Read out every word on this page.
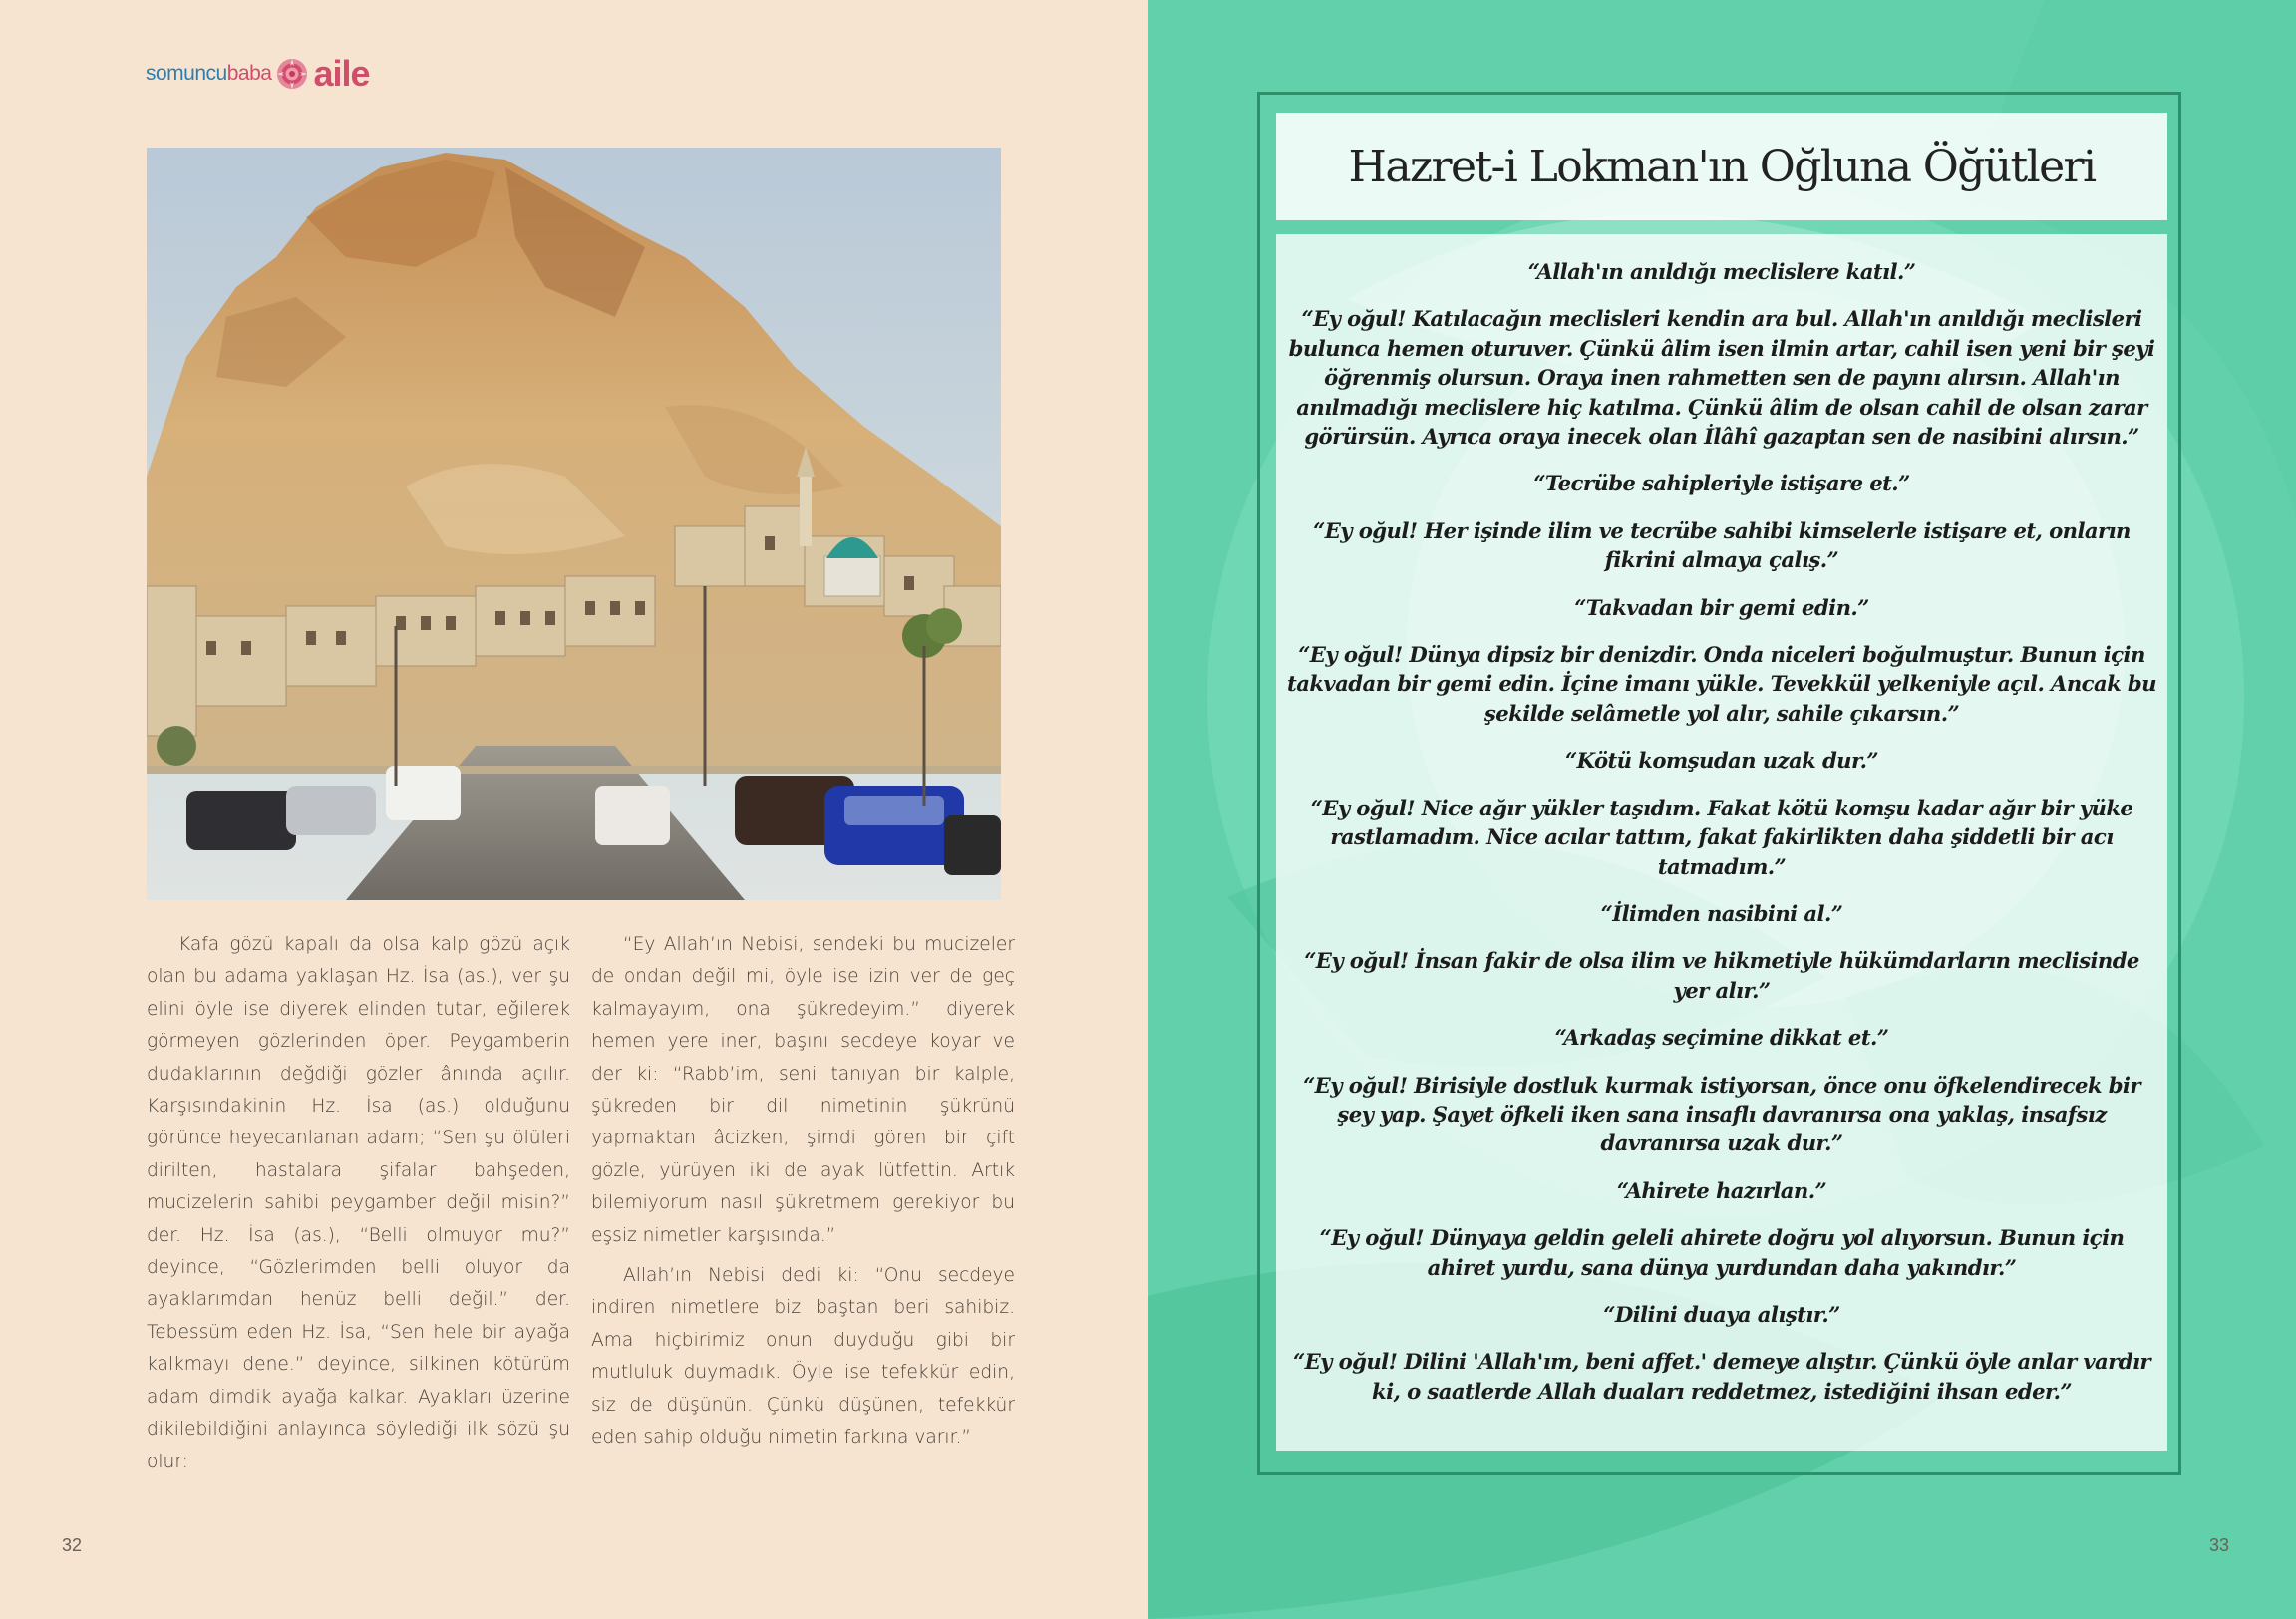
somuncu baba aile

Kafa gözü kapalı da olsa kalp gözü açık olan bu adama yaklaşan Hz. İsa (as.), ver şu elini öyle ise diyerek elinden tutar, eğilerek görmeyen gözlerinden öper. Peygamberin dudaklarının değdiği gözler ânında açılır. Karşısındakinin Hz. İsa (as.) olduğunu görünce heyecanlanan adam; “Sen şu ölüleri dirilten, hastalara şifalar bahşeden, mucizelerin sahibi peygamber değil misin?” der. Hz. İsa (as.), “Belli olmuyor mu?” deyince, “Gözlerimden belli oluyor da ayaklarımdan henüz belli değil.” der. Tebessüm eden Hz. İsa, “Sen hele bir ayağa kalkmayı dene.” deyince, silkinen kötürüm adam dimdik ayağa kalkar. Ayakları üzerine dikilebildiğini anlayınca söylediği ilk sözü şu olur:

“Ey Allah’ın Nebisi, sendeki bu mucizeler de ondan değil mi, öyle ise izin ver de geç kalmayayım, ona şükredeyim.” diyerek hemen yere iner, başını secdeye koyar ve der ki: “Rabb’im, seni tanıyan bir kalple, şükreden bir dil nimetinin şükrünü yapmaktan âcizken, şimdi gören bir çift gözle, yürüyen iki de ayak lütfettin. Artık bilemiyorum nasıl şükretmem gerekiyor bu eşsiz nimetler karşısında.”

Allah’ın Nebisi dedi ki: “Onu secdeye indiren nimetlere biz baştan beri sahibiz. Ama hiçbirimiz onun duyduğu gibi bir mutluluk duymadık. Öyle ise tefekkür edin, siz de düşünün. Çünkü düşünen, tefekkür eden sahip olduğu nimetin farkına varır.”

32	33
Hazret-i Lokman'ın Oğluna Öğütleri

“Allah'ın anıldığı meclislere katıl.”

“Ey oğul! Katılacağın meclisleri kendin ara bul. Allah'ın anıldığı meclisleri bulunca hemen oturuver. Çünkü âlim isen ilmin artar, cahil isen yeni bir şeyi öğrenmiş olursun. Oraya inen rahmetten sen de payını alırsın. Allah'ın anılmadığı meclislere hiç katılma. Çünkü âlim de olsan cahil de olsan zarar görürsün. Ayrıca oraya inecek olan İlâhî gazaptan sen de nasibini alırsın.”

“Tecrübe sahipleriyle istişare et.”

“Ey oğul! Her işinde ilim ve tecrübe sahibi kimselerle istişare et, onların fikrini almaya çalış.”

“Takvadan bir gemi edin.”

“Ey oğul! Dünya dipsiz bir denizdir. Onda niceleri boğulmuştur. Bunun için takvadan bir gemi edin. İçine imanı yükle. Tevekkül yelkeniyle açıl. Ancak bu şekilde selâmetle yol alır, sahile çıkarsın.”

“Kötü komşudan uzak dur.”

“Ey oğul! Nice ağır yükler taşıdım. Fakat kötü komşu kadar ağır bir yüke rastlamadım. Nice acılar tattım, fakat fakirlikten daha şiddetli bir acı tatmadım.”

“İlimden nasibini al.”

“Ey oğul! İnsan fakir de olsa ilim ve hikmetiyle hükümdarların meclisinde yer alır.”

“Arkadaş seçimine dikkat et.”

“Ey oğul! Birisiyle dostluk kurmak istiyorsan, önce onu öfkelendirecek bir şey yap. Şayet öfkeli iken sana insaflı davranırsa ona yaklaş, insafsız davranırsa uzak dur.”

“Ahirete hazırlan.”

“Ey oğul! Dünyaya geldin geleli ahirete doğru yol alıyorsun. Bunun için ahiret yurdu, sana dünya yurdundan daha yakındır.”

“Dilini duaya alıştır.”

“Ey oğul! Dilini 'Allah'ım, beni affet.' demeye alıştır. Çünkü öyle anlar vardır ki, o saatlerde Allah duaları reddetmez, istediğini ihsan eder.”
